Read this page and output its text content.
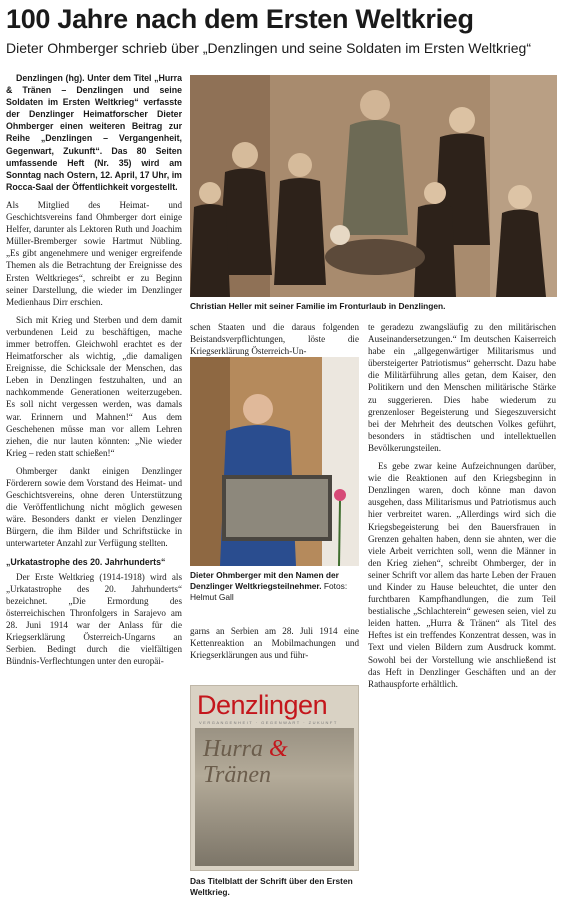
100 Jahre nach dem Ersten Weltkrieg
Dieter Ohmberger schrieb über „Denzlingen und seine Soldaten im Ersten Weltkrieg“

Denzlingen (hg). Unter dem Titel „Hurra & Tränen – Denzlingen und seine Soldaten im Ersten Weltkrieg“ verfasste der Denzlinger Heimatforscher Dieter Ohmberger einen weiteren Beitrag zur Reihe „Denzlingen – Vergangenheit, Gegenwart, Zukunft“. Das 80 Seiten umfassende Heft (Nr. 35) wird am Sonntag nach Ostern, 12. April, 17 Uhr, im Rocca-Saal der Öffentlichkeit vorgestellt.

Als Mitglied des Heimat- und Geschichtsvereins fand Ohmberger dort einige Helfer, darunter als Lektoren Ruth und Joachim Müller-Bremberger sowie Hartmut Nübling. „Es gibt angenehmere und weniger ergreifende Themen als die Betrachtung der Ereignisse des Ersten Weltkrieges“, schreibt er zu Beginn seiner Darstellung, die wieder im Denzlinger Medienhaus Dirr erschien.

Sich mit Krieg und Sterben und dem damit verbundenen Leid zu beschäftigen, mache immer betroffen. Gleichwohl erachtet es der Heimatforscher als wichtig, „die damaligen Ereignisse, die Schicksale der Menschen, das Leben in Denzlingen festzuhalten, und an nachkommende Generationen weiterzugeben. Es soll nicht vergessen werden, was damals war. Erinnern und Mahnen!“ Aus dem Geschehenen müsse man vor allem Lehren ziehen, die nur lauten könnten: „Nie wieder Krieg – reden statt schießen!“

Ohmberger dankt einigen Denzlinger Förderern sowie dem Vorstand des Heimat- und Geschichtsvereins, ohne deren Unterstützung die Veröffentlichung nicht möglich gewesen wäre. Besonders dankt er vielen Denzlinger Bürgern, die ihm Bilder und Schriftstücke in unterwarteter Anzahl zur Verfügung stellten.

„Urkatastrophe des 20. Jahrhunderts“

Der Erste Weltkrieg (1914-1918) wird als „Urkatastrophe des 20. Jahrhunderts“ bezeichnet. „Die Ermordung des österreichischen Thronfolgers in Sarajevo am 28. Juni 1914 war der Anlass für die Kriegserklärung Österreich-Ungarns an Serbien. Bedingt durch die vielfältigen Bündnis-Verflechtungen unter den europäi-

Christian Heller mit seiner Familie im Fronturlaub in Denzlingen.

schen Staaten und die daraus folgenden Beistandsverpflichtungen, löste die Kriegserklärung Österreich-Un-

Dieter Ohmberger mit den Namen der Denzlinger Weltkriegsteilnehmer. Fotos: Helmut Gall

garns an Serbien am 28. Juli 1914 eine Kettenreaktion an Mobilmachungen und Kriegserklärungen aus und führ-

Denzlingen
VERGANGENHEIT · GEGENWART · ZUKUNFT
Hurra & Tränen
Das Titelblatt der Schrift über den Ersten Weltkrieg.

te geradezu zwangsläufig zu den militärischen Auseinandersetzungen.“ Im deutschen Kaiserreich habe ein „allgegenwärtiger Militarismus und übersteigerter Patriotismus“ geherrscht. Dazu habe die Militärführung alles getan, dem Kaiser, den Politikern und den Menschen militärische Stärke zu suggerieren. Dies habe wiederum zu grenzenloser Begeisterung und Siegeszuversicht bei der Mehrheit des deutschen Volkes geführt, besonders in städtischen und intellektuellen Bevölkerungsteilen.

Es gebe zwar keine Aufzeichnungen darüber, wie die Reaktionen auf den Kriegsbeginn in Denzlingen waren, doch könne man davon ausgehen, dass Militarismus und Patriotismus auch hier verbreitet waren. „Allerdings wird sich die Kriegsbegeisterung bei den Bauersfrauen in Grenzen gehalten haben, denn sie ahnten, wer die viele Arbeit verrichten soll, wenn die Männer in den Krieg ziehen“, schreibt Ohmberger, der in seiner Schrift vor allem das harte Leben der Frauen und Kinder zu Hause beleuchtet, die unter den furchtbaren Kampfhandlungen, die zum Teil bestialische „Schlachterein“ gewesen seien, viel zu leiden hatten. „Hurra & Tränen“ als Titel des Heftes ist ein treffendes Konzentrat dessen, was in Text und vielen Bildern zum Ausdruck kommt. Sowohl bei der Vorstellung wie anschließend ist das Heft in Denzlinger Geschäften und an der Rathauspforte erhältlich.
